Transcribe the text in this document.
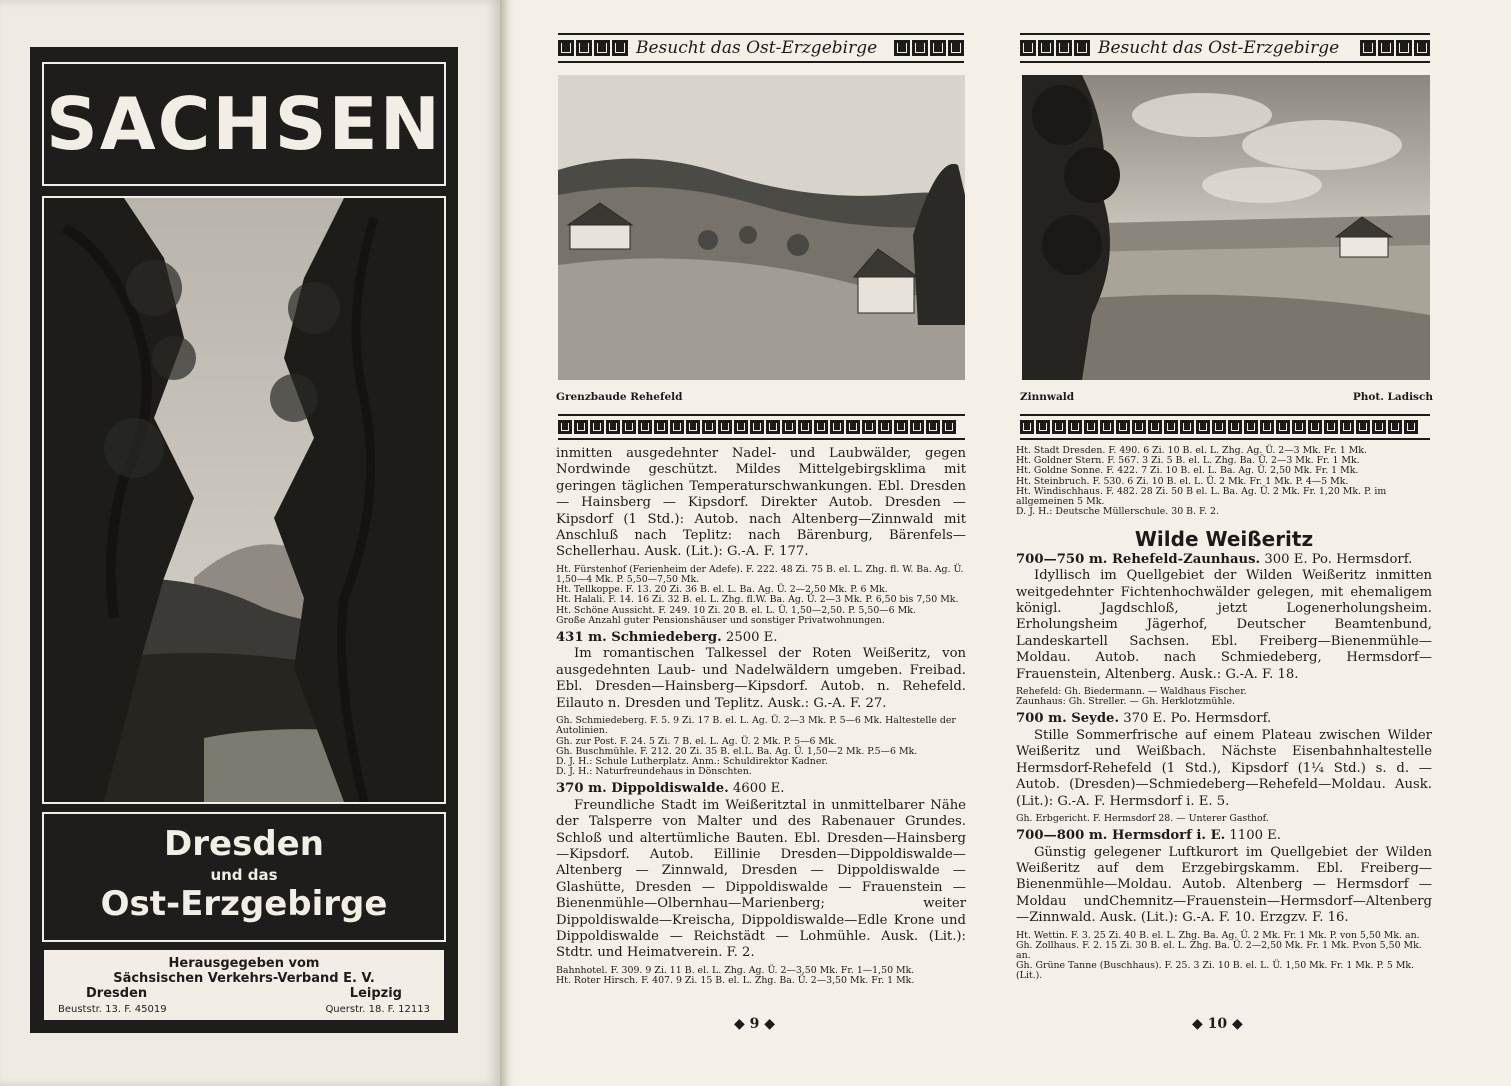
SACHSEN
Dresden
und das
Ost-Erzgebirge
Herausgegeben vom
Sächsischen Verkehrs-Verband E. V.
Dresden	Leipzig
Beuststr. 13. F. 45019	Querstr. 18. F. 12113
Besucht das Ost-Erzgebirge
Grenzbaude Rehefeld

inmitten ausgedehnter Nadel- und Laubwälder, gegen Nordwinde geschützt. Mildes Mittelgebirgsklima mit geringen täglichen Temperaturschwankungen. Ebl. Dresden — Hainsberg — Kipsdorf. Direkter Autob. Dresden — Kipsdorf (1 Std.): Autob. nach Altenberg—Zinnwald mit Anschluß nach Teplitz: nach Bärenburg, Bärenfels—Schellerhau. Ausk. (Lit.): G.-A. F. 177.

Ht. Fürstenhof (Ferienheim der Adefe). F. 222. 48 Zi. 75 B. el. L. Zhg. fl. W. Ba. Ag. Ü. 1,50—4 Mk. P. 5,50—7,50 Mk.
Ht. Tellkoppe. F. 13. 20 Zi. 36 B. el. L. Ba. Ag. Ü. 2—2,50 Mk. P. 6 Mk.
Ht. Halali. F. 14. 16 Zi. 32 B. el. L. Zhg. fl.W. Ba. Ag. Ü. 2—3 Mk. P. 6,50 bis 7,50 Mk.
Ht. Schöne Aussicht. F. 249. 10 Zi. 20 B. el. L. Ü. 1,50—2,50. P. 5,50—6 Mk.
Große Anzahl guter Pensionshäuser und sonstiger Privatwohnungen.

431 m. Schmiedeberg. 2500 E.

Im romantischen Talkessel der Roten Weißeritz, von ausgedehnten Laub- und Nadelwäldern umgeben. Freibad. Ebl. Dresden—Hainsberg—Kipsdorf. Autob. n. Rehefeld. Eilauto n. Dresden und Teplitz. Ausk.: G.-A. F. 27.

Gh. Schmiedeberg. F. 5. 9 Zi. 17 B. el. L. Ag. Ü. 2—3 Mk. P. 5—6 Mk. Haltestelle der Autolinien.
Gh. zur Post. F. 24. 5 Zi. 7 B. el. L. Ag. Ü. 2 Mk. P. 5—6 Mk.
Gh. Buschmühle. F. 212. 20 Zi. 35 B. el.L. Ba. Ag. Ü. 1,50—2 Mk. P.5—6 Mk.
D. J. H.: Schule Lutherplatz. Anm.: Schuldirektor Kadner.
D. J. H.: Naturfreundehaus in Dönschten.

370 m. Dippoldiswalde. 4600 E.

Freundliche Stadt im Weißeritztal in unmittelbarer Nähe der Talsperre von Malter und des Rabenauer Grundes. Schloß und altertümliche Bauten. Ebl. Dresden—Hainsberg—Kipsdorf. Autob. Eillinie Dresden—Dippoldiswalde—Altenberg — Zinnwald, Dresden — Dippoldiswalde — Glashütte, Dresden — Dippoldiswalde — Frauenstein — Bienenmühle—Olbernhau—Marienberg; weiter Dippoldiswalde—Kreischa, Dippoldiswalde—Edle Krone und Dippoldiswalde — Reichstädt — Lohmühle. Ausk. (Lit.): Stdtr. und Heimatverein. F. 2.

Bahnhotel. F. 309. 9 Zi. 11 B. el. L. Zhg. Ag. Ü. 2—3,50 Mk. Fr. 1—1,50 Mk.
Ht. Roter Hirsch. F. 407. 9 Zi. 15 B. el. L. Zhg. Ba. Ü. 2—3,50 Mk. Fr. 1 Mk.
◆ 9 ◆
Besucht das Ost-Erzgebirge
Zinnwald	Phot. Ladisch
Ht. Stadt Dresden. F. 490. 6 Zi. 10 B. el. L. Zhg. Ag. Ü. 2—3 Mk. Fr. 1 Mk.
Ht. Goldner Stern. F. 567. 3 Zi. 5 B. el. L. Zhg. Ba. Ü. 2—3 Mk. Fr. 1 Mk.
Ht. Goldne Sonne. F. 422. 7 Zi. 10 B. el. L. Ba. Ag. Ü. 2,50 Mk. Fr. 1 Mk.
Ht. Steinbruch. F. 530. 6 Zi. 10 B. el. L. Ü. 2 Mk. Fr. 1 Mk. P. 4—5 Mk.
Ht. Windischhaus. F. 482. 28 Zi. 50 B el. L. Ba. Ag. Ü. 2 Mk. Fr. 1,20 Mk. P. im allgemeinen 5 Mk.
D. J. H.: Deutsche Müllerschule. 30 B. F. 2.
Wilde Weißeritz

700—750 m. Rehefeld-Zaunhaus. 300 E. Po. Hermsdorf.

Idyllisch im Quellgebiet der Wilden Weißeritz inmitten weitgedehnter Fichtenhochwälder gelegen, mit ehemaligem königl. Jagdschloß, jetzt Logenerholungsheim. Erholungsheim Jägerhof, Deutscher Beamtenbund, Landeskartell Sachsen. Ebl. Freiberg—Bienenmühle—Moldau. Autob. nach Schmiedeberg, Hermsdorf—Frauenstein, Altenberg. Ausk.: G.-A. F. 18.

Rehefeld: Gh. Biedermann. — Waldhaus Fischer.
Zaunhaus: Gh. Streller. — Gh. Herklotzmühle.

700 m. Seyde. 370 E. Po. Hermsdorf.

Stille Sommerfrische auf einem Plateau zwischen Wilder Weißeritz und Weißbach. Nächste Eisenbahnhaltestelle Hermsdorf-Rehefeld (1 Std.), Kipsdorf (1¼ Std.) s. d. — Autob. (Dresden)—Schmiedeberg—Rehefeld—Moldau. Ausk. (Lit.): G.-A. F. Hermsdorf i. E. 5.

Gh. Erbgericht. F. Hermsdorf 28. — Unterer Gasthof.

700—800 m. Hermsdorf i. E. 1100 E.

Günstig gelegener Luftkurort im Quellgebiet der Wilden Weißeritz auf dem Erzgebirgskamm. Ebl. Freiberg—Bienenmühle—Moldau. Autob. Altenberg — Hermsdorf — Moldau undChemnitz—Frauenstein—Hermsdorf—Altenberg—Zinnwald. Ausk. (Lit.): G.-A. F. 10. Erzgzv. F. 16.

Ht. Wettin. F. 3. 25 Zi. 40 B. el. L. Zhg. Ba. Ag. Ü. 2 Mk. Fr. 1 Mk. P. von 5,50 Mk. an.
Gh. Zollhaus. F. 2. 15 Zi. 30 B. el. L. Zhg. Ba. Ü. 2—2,50 Mk. Fr. 1 Mk. P.von 5,50 Mk. an.
Gh. Grüne Tanne (Buschhaus). F. 25. 3 Zi. 10 B. el. L. Ü. 1,50 Mk. Fr. 1 Mk. P. 5 Mk. (Lit.).
◆ 10 ◆
